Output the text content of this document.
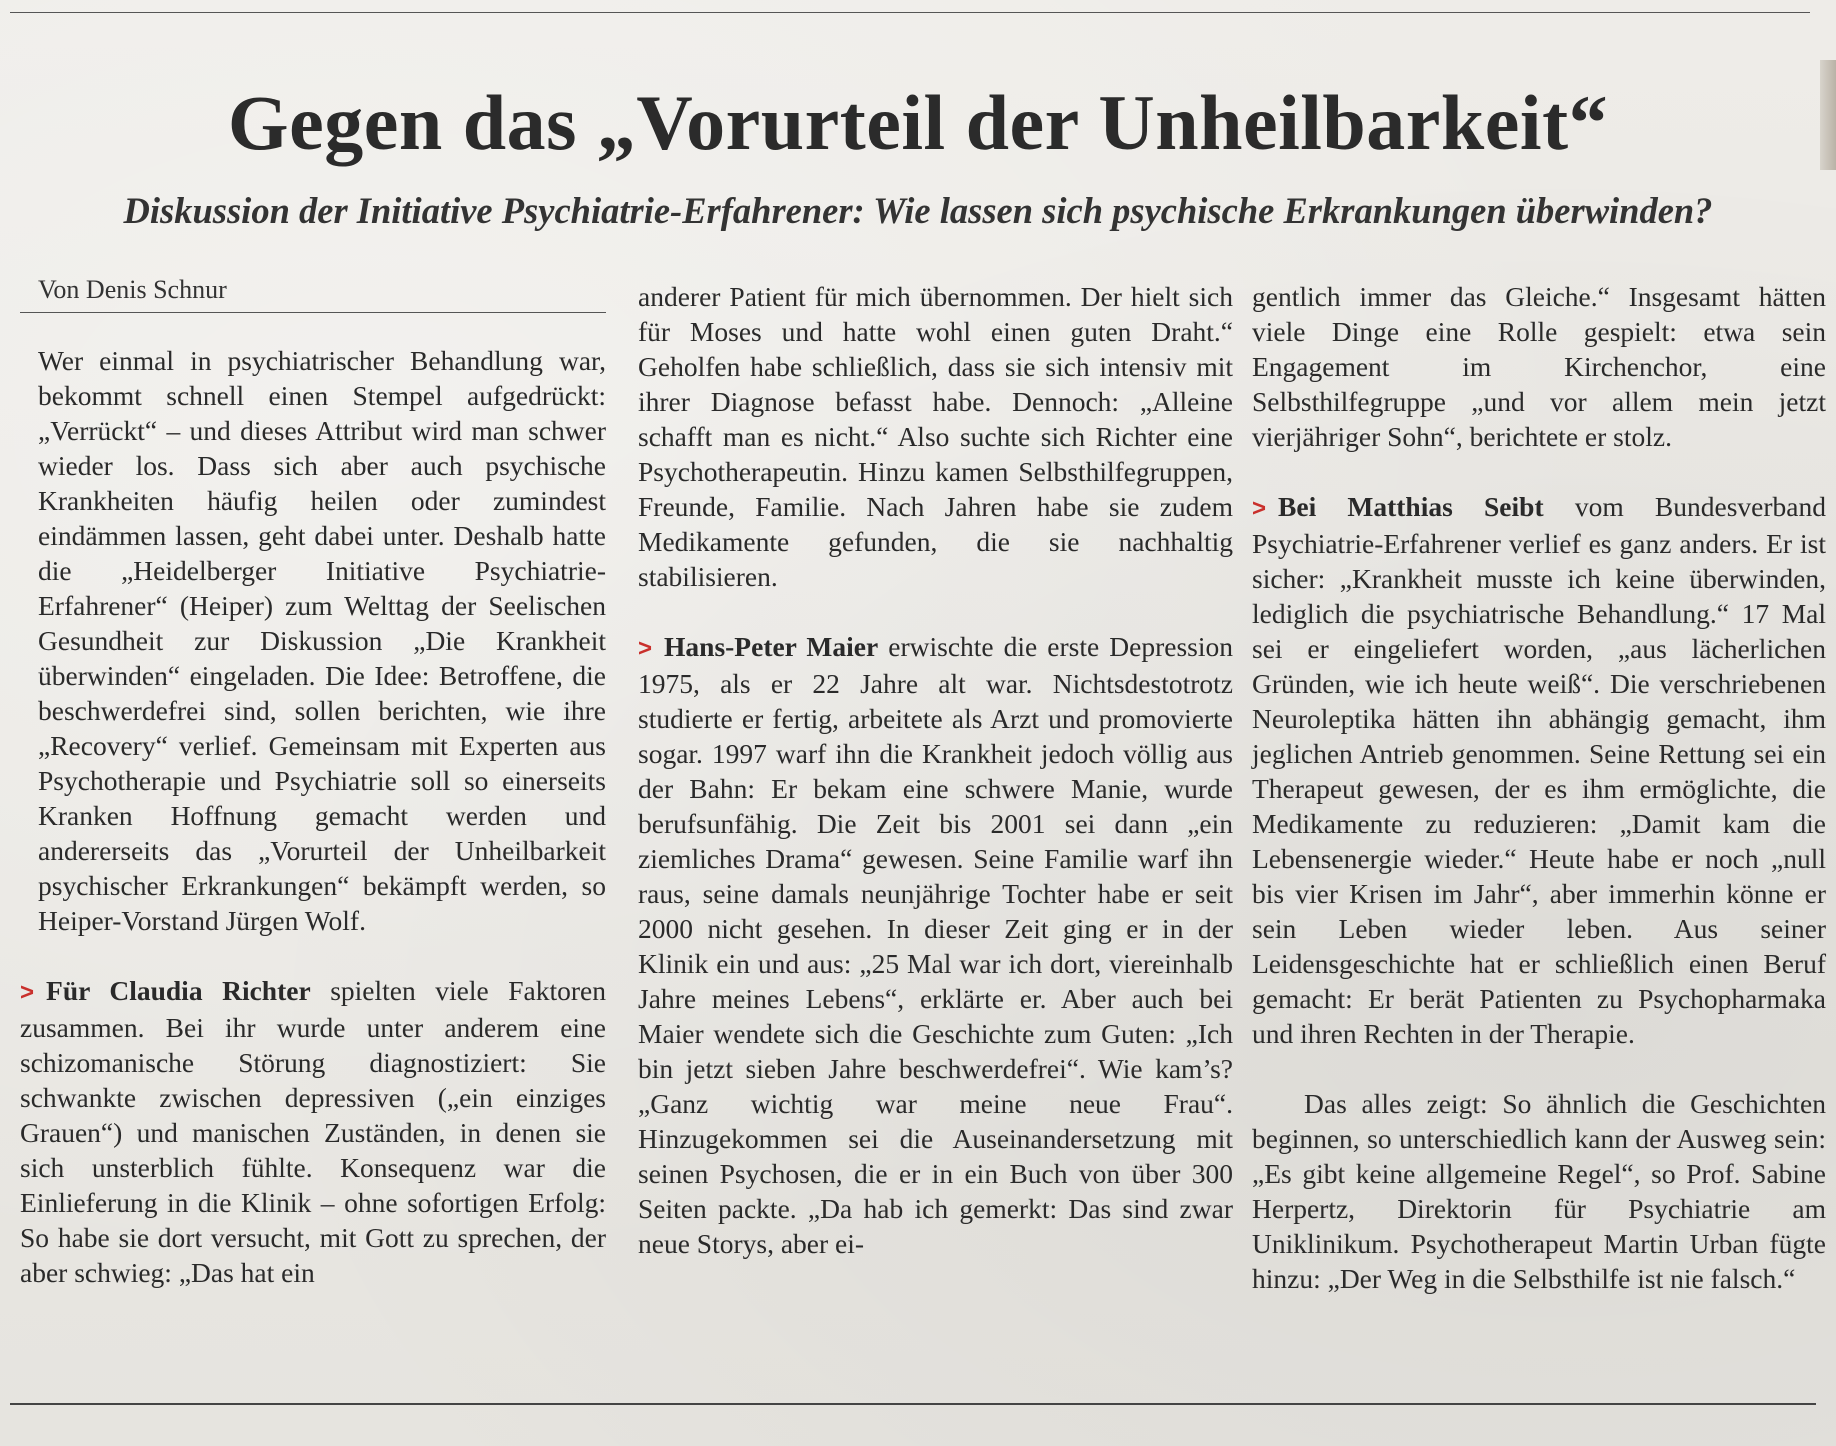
Gegen das „Vorurteil der Unheilbarkeit“
Diskussion der Initiative Psychiatrie-Erfahrener: Wie lassen sich psychische Erkrankungen überwinden?
Von Denis Schnur

Wer einmal in psychiatrischer Behandlung war, bekommt schnell einen Stempel aufgedrückt: „Verrückt“ – und dieses Attribut wird man schwer wieder los. Dass sich aber auch psychische Krankheiten häufig heilen oder zumindest eindämmen lassen, geht dabei unter. Deshalb hatte die „Heidelberger Initiative Psychiatrie-Erfahrener“ (Heiper) zum Welttag der Seelischen Gesundheit zur Diskussion „Die Krankheit überwinden“ eingeladen. Die Idee: Betroffene, die beschwerdefrei sind, sollen berichten, wie ihre „Recovery“ verlief. Gemeinsam mit Experten aus Psychotherapie und Psychiatrie soll so einerseits Kranken Hoffnung gemacht werden und andererseits das „Vorurteil der Unheilbarkeit psychischer Erkrankungen“ bekämpft werden, so Heiper-Vorstand Jürgen Wolf.

> Für Claudia Richter spielten viele Faktoren zusammen. Bei ihr wurde unter anderem eine schizomanische Störung diagnostiziert: Sie schwankte zwischen depressiven („ein einziges Grauen“) und manischen Zuständen, in denen sie sich unsterblich fühlte. Konsequenz war die Einlieferung in die Klinik – ohne sofortigen Erfolg: So habe sie dort versucht, mit Gott zu sprechen, der aber schwieg: „Das hat ein

anderer Patient für mich übernommen. Der hielt sich für Moses und hatte wohl einen guten Draht.“ Geholfen habe schließlich, dass sie sich intensiv mit ihrer Diagnose befasst habe. Dennoch: „Alleine schafft man es nicht.“ Also suchte sich Richter eine Psychotherapeutin. Hinzu kamen Selbsthilfegruppen, Freunde, Familie. Nach Jahren habe sie zudem Medikamente gefunden, die sie nachhaltig stabilisieren.

> Hans-Peter Maier erwischte die erste Depression 1975, als er 22 Jahre alt war. Nichtsdestotrotz studierte er fertig, arbeitete als Arzt und promovierte sogar. 1997 warf ihn die Krankheit jedoch völlig aus der Bahn: Er bekam eine schwere Manie, wurde berufsunfähig. Die Zeit bis 2001 sei dann „ein ziemliches Drama“ gewesen. Seine Familie warf ihn raus, seine damals neunjährige Tochter habe er seit 2000 nicht gesehen. In dieser Zeit ging er in der Klinik ein und aus: „25 Mal war ich dort, viereinhalb Jahre meines Lebens“, erklärte er. Aber auch bei Maier wendete sich die Geschichte zum Guten: „Ich bin jetzt sieben Jahre beschwerdefrei“. Wie kam’s? „Ganz wichtig war meine neue Frau“. Hinzugekommen sei die Auseinandersetzung mit seinen Psychosen, die er in ein Buch von über 300 Seiten packte. „Da hab ich gemerkt: Das sind zwar neue Storys, aber ei-

gentlich immer das Gleiche.“ Insgesamt hätten viele Dinge eine Rolle gespielt: etwa sein Engagement im Kirchenchor, eine Selbsthilfegruppe „und vor allem mein jetzt vierjähriger Sohn“, berichtete er stolz.

> Bei Matthias Seibt vom Bundesverband Psychiatrie-Erfahrener verlief es ganz anders. Er ist sicher: „Krankheit musste ich keine überwinden, lediglich die psychiatrische Behandlung.“ 17 Mal sei er eingeliefert worden, „aus lächerlichen Gründen, wie ich heute weiß“. Die verschriebenen Neuroleptika hätten ihn abhängig gemacht, ihm jeglichen Antrieb genommen. Seine Rettung sei ein Therapeut gewesen, der es ihm ermöglichte, die Medikamente zu reduzieren: „Damit kam die Lebensenergie wieder.“ Heute habe er noch „null bis vier Krisen im Jahr“, aber immerhin könne er sein Leben wieder leben. Aus seiner Leidensgeschichte hat er schließlich einen Beruf gemacht: Er berät Patienten zu Psychopharmaka und ihren Rechten in der Therapie.

Das alles zeigt: So ähnlich die Geschichten beginnen, so unterschiedlich kann der Ausweg sein: „Es gibt keine allgemeine Regel“, so Prof. Sabine Herpertz, Direktorin für Psychiatrie am Uniklinikum. Psychotherapeut Martin Urban fügte hinzu: „Der Weg in die Selbsthilfe ist nie falsch.“
